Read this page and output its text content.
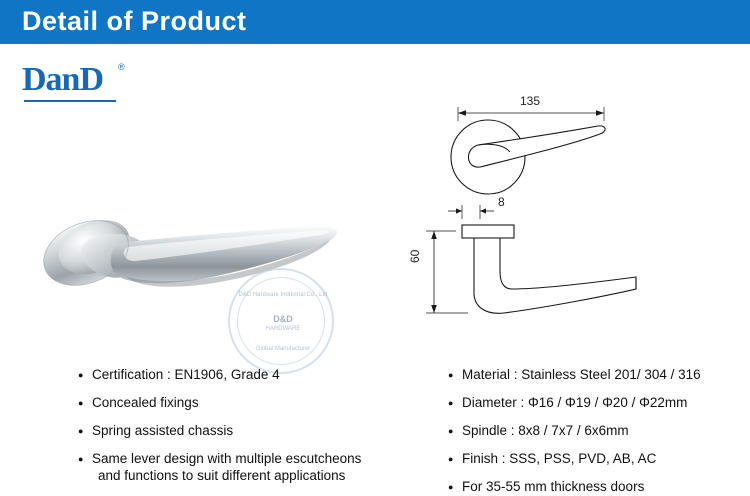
Detail of Product
DanD ®
D&D Hardware Industrial Co., Ltd
D&D
HARDWARE
Global Manufacturer
135
8
60
● Certification : EN1906, Grade 4
● Concealed fixings
● Spring assisted chassis
● Same lever design with multiple escutcheons
and functions to suit different applications
● Material : Stainless Steel 201/ 304 / 316
● Diameter : Φ16 / Φ19 / Φ20 / Φ22mm
● Spindle : 8x8 / 7x7 / 6x6mm
● Finish : SSS, PSS, PVD, AB, AC
● For 35-55 mm thickness doors
